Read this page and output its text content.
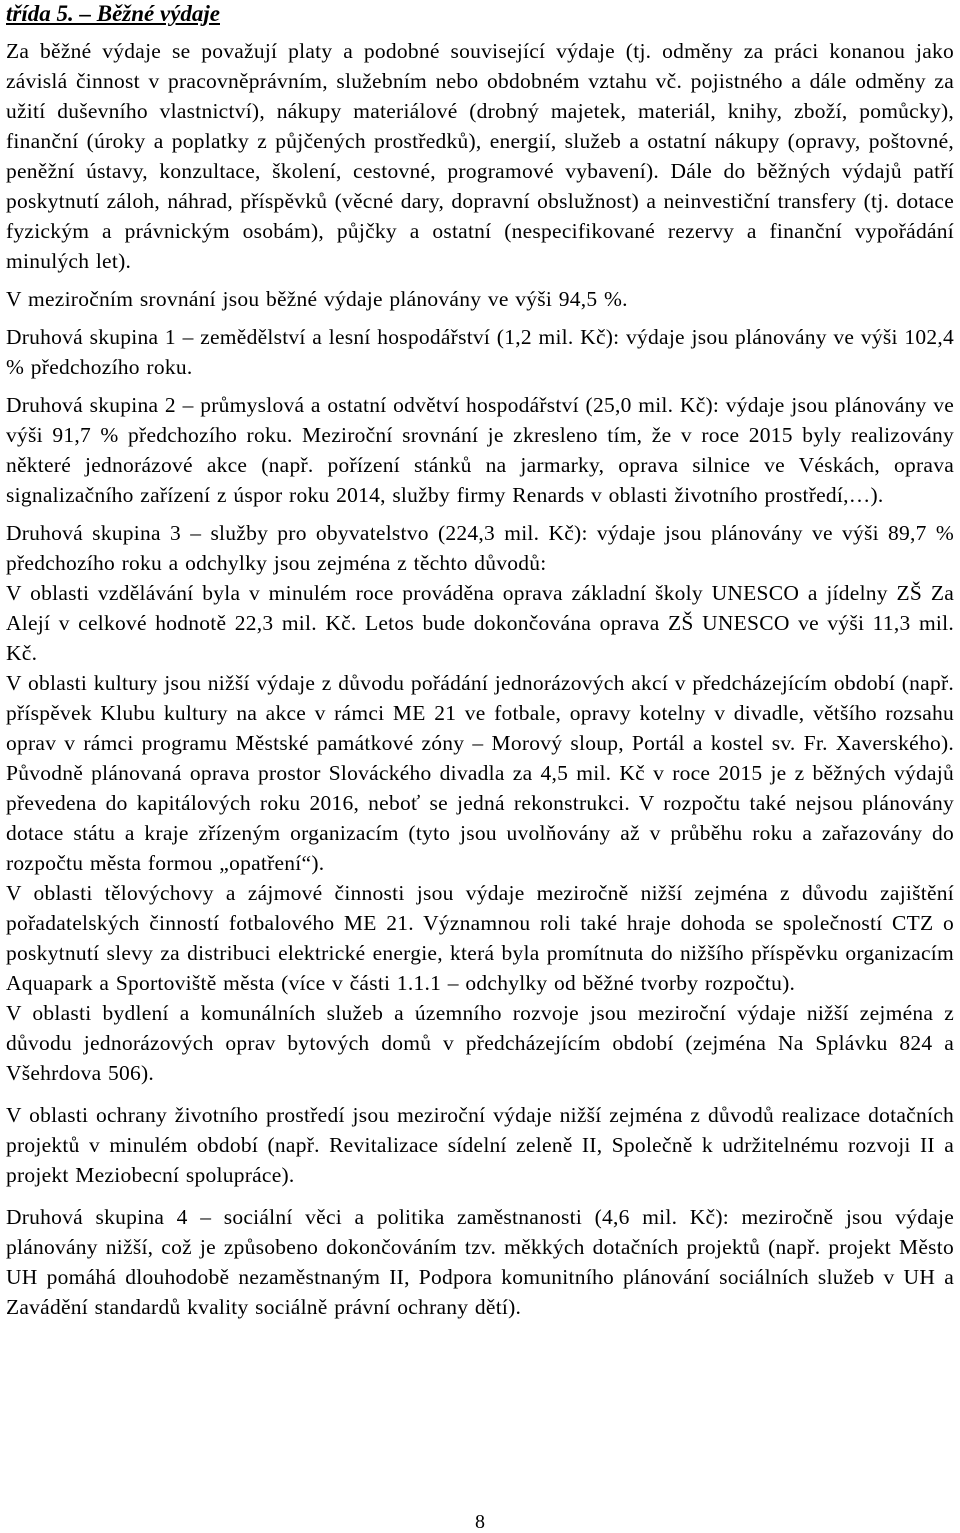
třída 5. – Běžné výdaje

Za běžné výdaje se považují platy a podobné související výdaje (tj. odměny za práci konanou jako závislá činnost v pracovněprávním, služebním nebo obdobném vztahu vč. pojistného a dále odměny za užití duševního vlastnictví), nákupy materiálové (drobný majetek, materiál, knihy, zboží, pomůcky), finanční (úroky a poplatky z půjčených prostředků), energií, služeb a ostatní nákupy (opravy, poštovné, peněžní ústavy, konzultace, školení, cestovné, programové vybavení). Dále do běžných výdajů patří poskytnutí záloh, náhrad, příspěvků (věcné dary, dopravní obslužnost) a neinvestiční transfery (tj. dotace fyzickým a právnickým osobám), půjčky a ostatní (nespecifikované rezervy a finanční vypořádání minulých let).

V meziročním srovnání jsou běžné výdaje plánovány ve výši 94,5 %.

Druhová skupina 1 – zemědělství a lesní hospodářství (1,2 mil. Kč): výdaje jsou plánovány ve výši 102,4 % předchozího roku.

Druhová skupina 2 – průmyslová a ostatní odvětví hospodářství (25,0 mil. Kč): výdaje jsou plánovány ve výši 91,7 % předchozího roku. Meziroční srovnání je zkresleno tím, že v roce 2015 byly realizovány některé jednorázové akce (např. pořízení stánků na jarmarky, oprava silnice ve Véskách, oprava signalizačního zařízení z úspor roku 2014, služby firmy Renards v oblasti životního prostředí,…).

Druhová skupina 3 – služby pro obyvatelstvo (224,3 mil. Kč): výdaje jsou plánovány ve výši 89,7 % předchozího roku a odchylky jsou zejména z těchto důvodů:

V oblasti vzdělávání byla v minulém roce prováděna oprava základní školy UNESCO a jídelny ZŠ Za Alejí v celkové hodnotě 22,3 mil. Kč. Letos bude dokončována oprava ZŠ UNESCO ve výši 11,3 mil. Kč.

V oblasti kultury jsou nižší výdaje z důvodu pořádání jednorázových akcí v předcházejícím období (např. příspěvek Klubu kultury na akce v rámci ME 21 ve fotbale, opravy kotelny v divadle, většího rozsahu oprav v rámci programu Městské památkové zóny – Morový sloup, Portál a kostel sv. Fr. Xaverského). Původně plánovaná oprava prostor Slováckého divadla za 4,5 mil. Kč v roce 2015 je z běžných výdajů převedena do kapitálových roku 2016, neboť se jedná rekonstrukci. V rozpočtu také nejsou plánovány dotace státu a kraje zřízeným organizacím (tyto jsou uvolňovány až v průběhu roku a zařazovány do rozpočtu města formou „opatření“).

V oblasti tělovýchovy a zájmové činnosti jsou výdaje meziročně nižší zejména z důvodu zajištění pořadatelských činností fotbalového ME 21. Významnou roli také hraje dohoda se společností CTZ o poskytnutí slevy za distribuci elektrické energie, která byla promítnuta do nižšího příspěvku organizacím Aquapark a Sportoviště města (více v části 1.1.1 – odchylky od běžné tvorby rozpočtu).

V oblasti bydlení a komunálních služeb a územního rozvoje jsou meziroční výdaje nižší zejména z důvodu jednorázových oprav bytových domů v předcházejícím období (zejména Na Splávku 824 a Všehrdova 506).

V oblasti ochrany životního prostředí jsou meziroční výdaje nižší zejména z důvodů realizace dotačních projektů v minulém období (např. Revitalizace sídelní zeleně II, Společně k udržitelnému rozvoji II a projekt Meziobecní spolupráce).

Druhová skupina 4 – sociální věci a politika zaměstnanosti (4,6 mil. Kč): meziročně jsou výdaje plánovány nižší, což je způsobeno dokončováním tzv. měkkých dotačních projektů (např. projekt Město UH pomáhá dlouhodobě nezaměstnaným II, Podpora komunitního plánování sociálních služeb v UH a Zavádění standardů kvality sociálně právní ochrany dětí).

8
